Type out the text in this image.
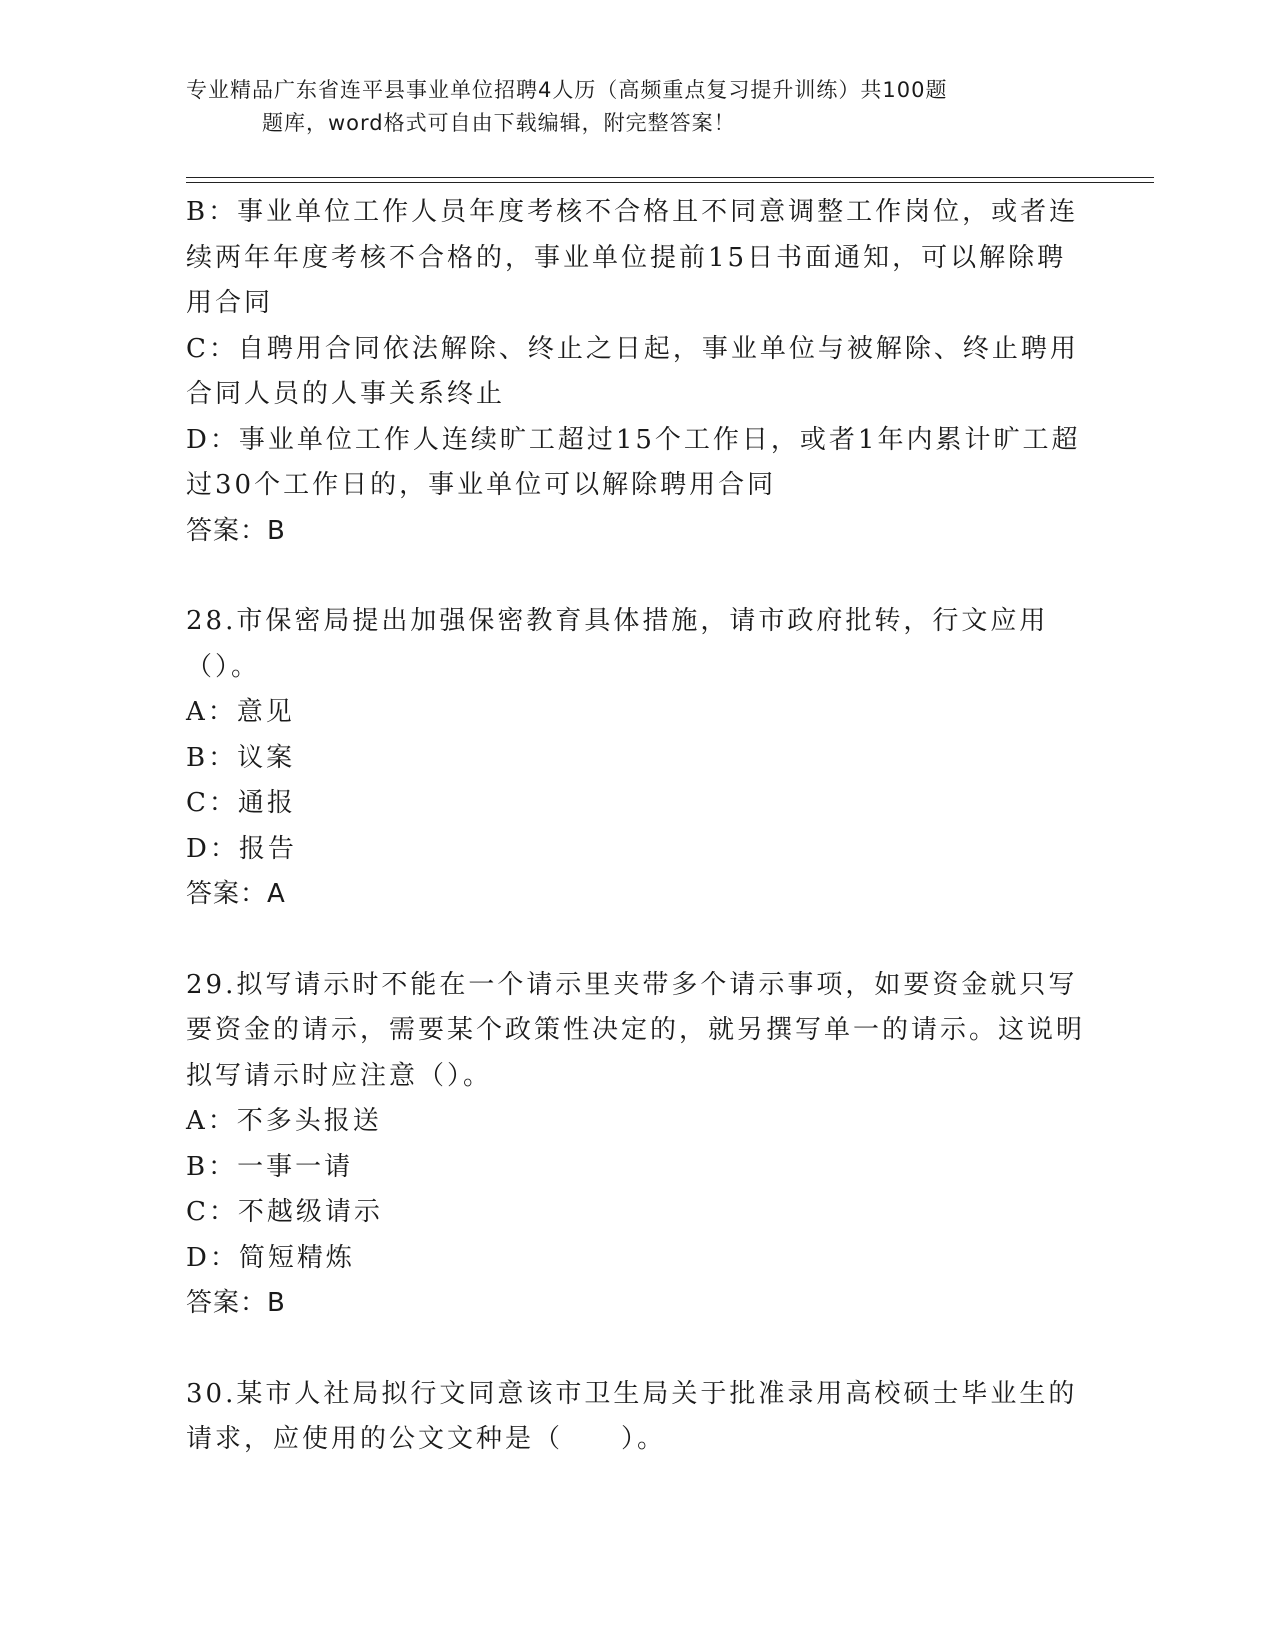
专业精品广东省连平县事业单位招聘4人历（高频重点复习提升训练）共100题
题库，word格式可自由下载编辑，附完整答案！

B：事业单位工作人员年度考核不合格且不同意调整工作岗位，或者连续两年年度考核不合格的，事业单位提前15日书面通知，可以解除聘用合同

C：自聘用合同依法解除、终止之日起，事业单位与被解除、终止聘用合同人员的人事关系终止

D：事业单位工作人连续旷工超过15个工作日，或者1年内累计旷工超过30个工作日的，事业单位可以解除聘用合同

答案：B

28.市保密局提出加强保密教育具体措施，请市政府批转，行文应用（）。

A：意见

B：议案

C：通报

D：报告

答案：A

29.拟写请示时不能在一个请示里夹带多个请示事项，如要资金就只写要资金的请示，需要某个政策性决定的，就另撰写单一的请示。这说明拟写请示时应注意（）。

A：不多头报送

B：一事一请

C：不越级请示

D：简短精炼

答案：B

30.某市人社局拟行文同意该市卫生局关于批准录用高校硕士毕业生的请求，应使用的公文文种是（　　）。
